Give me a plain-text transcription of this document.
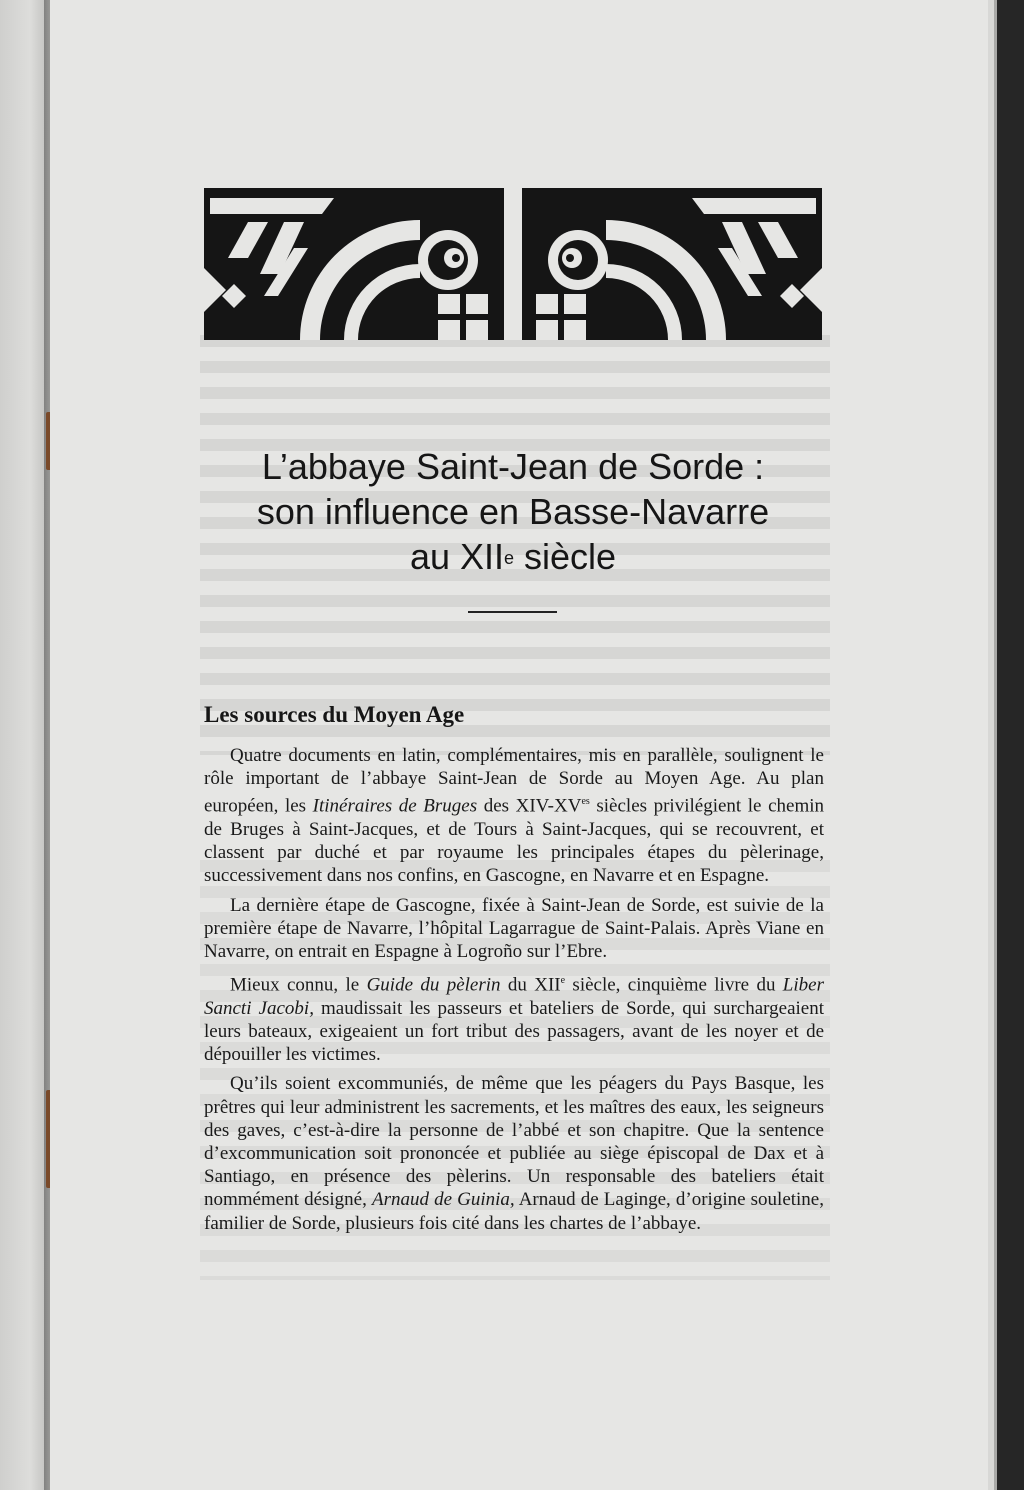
L’abbaye Saint-Jean de Sorde :
son influence en Basse-Navarre
au XIIe siècle
Les sources du Moyen Age

Quatre documents en latin, complémentaires, mis en parallèle, soulignent le rôle important de l’abbaye Saint-Jean de Sorde au Moyen Age. Au plan européen, les Itinéraires de Bruges des XIV-$XV^{es}$ siècles privilégient le chemin de Bruges à Saint-Jacques, et de Tours à Saint-Jacques, qui se recouvrent, et classent par duché et par royaume les principales étapes du pèlerinage, successivement dans nos confins, en Gascogne, en Navarre et en Espagne.

La dernière étape de Gascogne, fixée à Saint-Jean de Sorde, est suivie de la première étape de Navarre, l’hôpital Lagarrague de Saint-Palais. Après Viane en Navarre, on entrait en Espagne à Logroño sur l’Ebre.

Mieux connu, le Guide du pèlerin du XIIe siècle, cinquième livre du Liber Sancti Jacobi, maudissait les passeurs et bateliers de Sorde, qui surchargeaient leurs bateaux, exigeaient un fort tribut des passagers, avant de les noyer et de dépouiller les victimes.

Qu’ils soient excommuniés, de même que les péagers du Pays Basque, les prêtres qui leur administrent les sacrements, et les maîtres des eaux, les seigneurs des gaves, c’est-à-dire la personne de l’abbé et son chapitre. Que la sentence d’excommunication soit prononcée et publiée au siège épiscopal de Dax et à Santiago, en présence des pèlerins. Un responsable des bateliers était nommément désigné, Arnaud de Guinia, Arnaud de Laginge, d’origine souletine, familier de Sorde, plusieurs fois cité dans les chartes de l’abbaye.
